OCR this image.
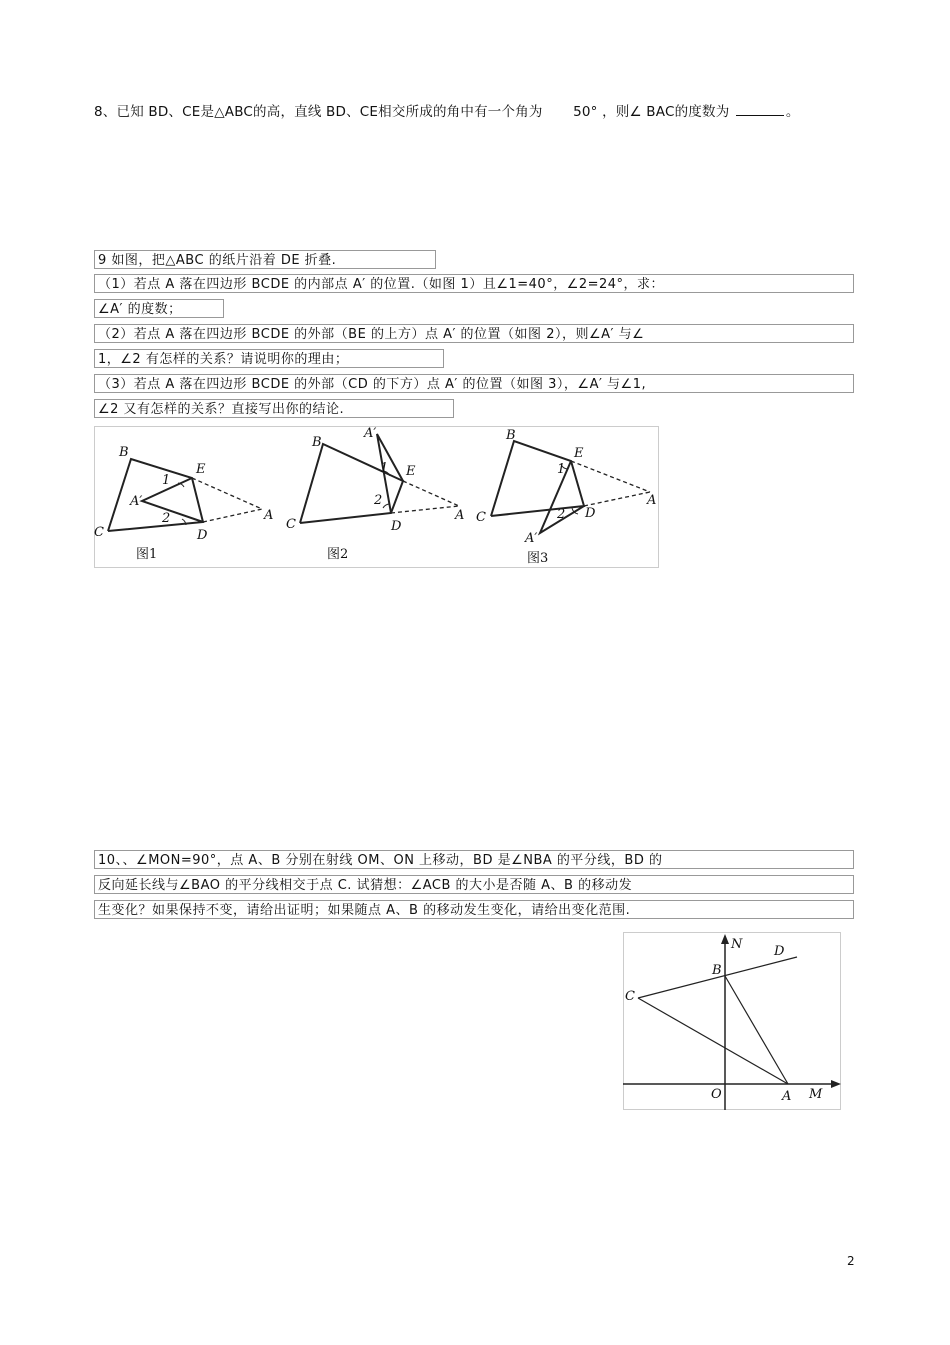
8、已知 BD、CE是△ABC的高，直线 BD、CE相交所成的角中有一个角为 50° ，则∠ BAC的度数为	。
9 如图，把△ABC 的纸片沿着 DE 折叠.
（1）若点 A 落在四边形 BCDE 的内部点 A′ 的位置.（如图 1）且∠1=40°，∠2=24°，求：
∠A′ 的度数；
（2）若点 A 落在四边形 BCDE 的外部（BE 的上方）点 A′ 的位置（如图 2），则∠A′ 与∠
1，∠2 有怎样的关系？请说明你的理由；
（3）若点 A 落在四边形 BCDE 的外部（CD 的下方）点 A′ 的位置（如图 3），∠A′ 与∠1,
∠2 又有怎样的关系？直接写出你的结论.
B
E
1
A′
2
C	D
A
图1
B
A′
1 E
2
C	D
A
图2
B
E
1
C	2 D
A
A′
图3
10、、∠MON=90°，点 A、B 分别在射线 OM、ON 上移动，BD 是∠NBA 的平分线，BD 的
反向延长线与∠BAO 的平分线相交于点 C. 试猜想：∠ACB 的大小是否随 A、B 的移动发
生变化？如果保持不变，请给出证明；如果随点 A、B 的移动发生变化，请给出变化范围.
N D
B
C
O	A M
2
